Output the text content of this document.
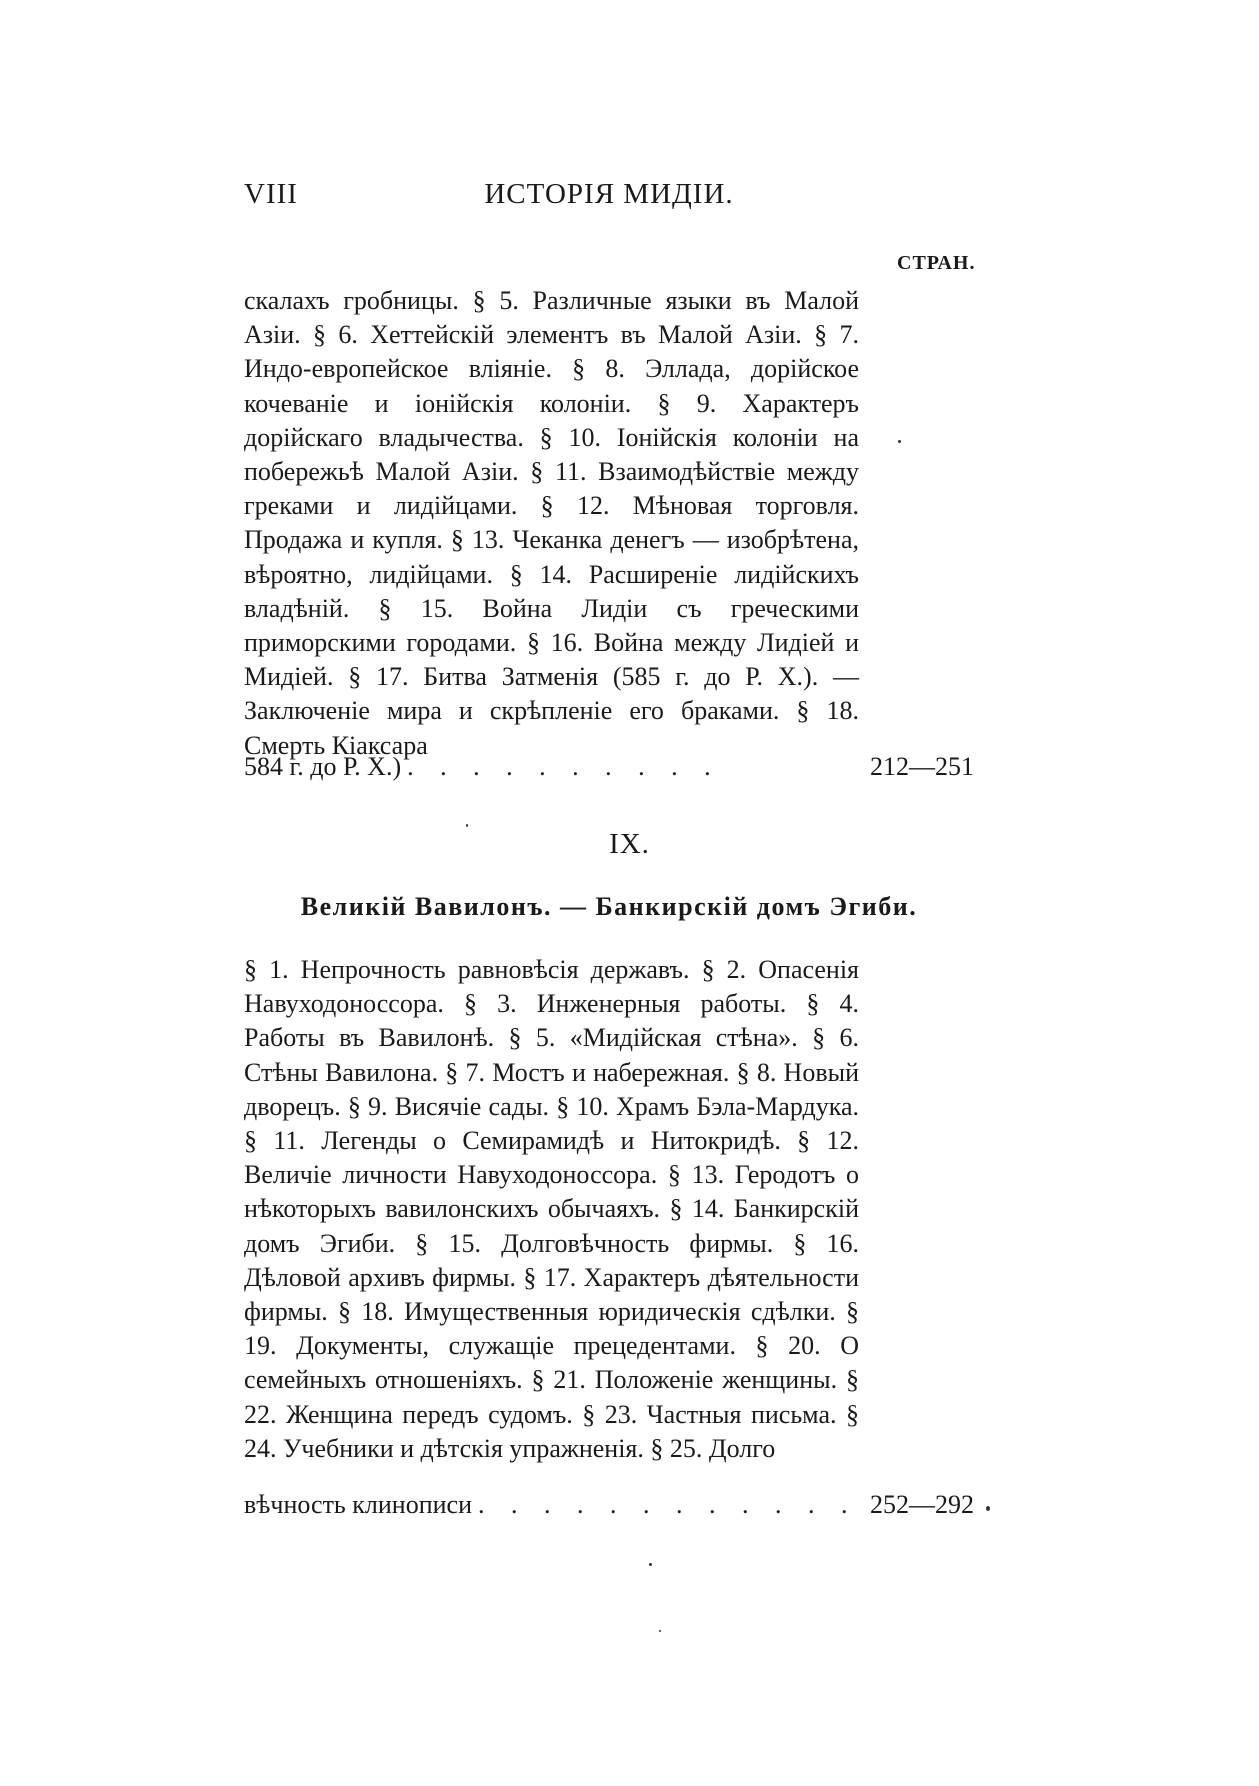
VIII	ИСТОРІЯ МИДІИ.
СТРАН.
скалахъ гробницы. § 5. Различные языки въ Малой Азіи. § 6. Хеттейскій элементъ въ Малой Азіи. § 7. Индо-европейское вліяніе. § 8. Эллада, дорійское кочеваніе и іонійскія колоніи. § 9. Характеръ дорійскаго владычества. § 10. Іонійскія колоніи на побережьѣ Малой Азіи. § 11. Взаимодѣйствіе между греками и лидійцами. § 12. Мѣновая торговля. Продажа и купля. § 13. Чеканка денегъ — изобрѣтена, вѣроятно, лидійцами. § 14. Расширеніе лидійскихъ владѣній. § 15. Война Лидіи съ греческими приморскими городами. § 16. Война между Лидіей и Мидіей. § 17. Битва Затменія (585 г. до Р. Х.). — Заключеніе мира и скрѣпленіе его браками. § 18. Смерть Кіаксара
584 г. до Р. Х.) . . . . . . . . . .	212—251
IX.
Великій Вавилонъ. — Банкирскій домъ Эгиби.
§ 1. Непрочность равновѣсія державъ. § 2. Опасенія Навуходоноссора. § 3. Инженерныя работы. § 4. Работы въ Вавилонѣ. § 5. «Мидійская стѣна». § 6. Стѣны Вавилона. § 7. Мостъ и набережная. § 8. Новый дворецъ. § 9. Висячіе сады. § 10. Храмъ Бэла-Мардука. § 11. Легенды о Семирамидѣ и Нитокридѣ. § 12. Величіе личности Навуходоноссора. § 13. Геродотъ о нѣкоторыхъ вавилонскихъ обычаяхъ. § 14. Банкирскій домъ Эгиби. § 15. Долговѣчность фирмы. § 16. Дѣловой архивъ фирмы. § 17. Характеръ дѣятельности фирмы. § 18. Имущественныя юридическія сдѣлки. § 19. Документы, служащіе прецедентами. § 20. О семейныхъ отношеніяхъ. § 21. Положеніе женщины. § 22. Женщина передъ судомъ. § 23. Частныя письма. § 24. Учебники и дѣтскія упражненія. § 25. Долго
вѣчность клинописи . . . . . . . . . . . . 252—292
